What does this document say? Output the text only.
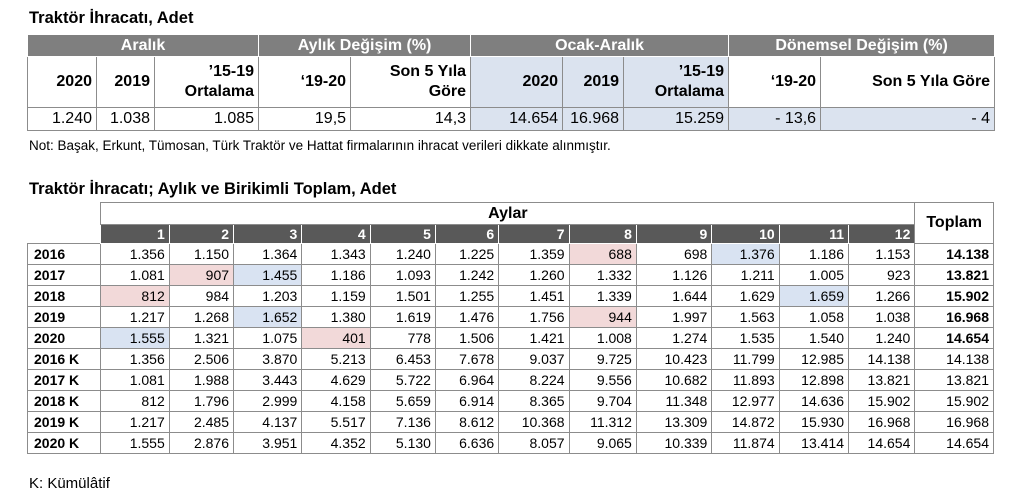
Traktör İhracatı, Adet
Aralık			Aylık Değişim (%)		Ocak-Aralık			Dönemsel Değişim (%)	
2020	2019	’15-19 Ortalama	‘19-20	Son 5 Yıla Göre	2020	2019	’15-19 Ortalama	‘19-20	Son 5 Yıla Göre
1.240	1.038	1.085	19,5	14,3	14.654	16.968	15.259	- 13,6	- 4
Not: Başak, Erkunt, Tümosan, Türk Traktör ve Hattat firmalarının ihracat verileri dikkate alınmıştır.
Traktör İhracatı; Aylık ve Birikimli Toplam, Adet
	Aylar												Toplam
	1	2	3	4	5	6	7	8	9	10	11	12	
2016	1.356	1.150	1.364	1.343	1.240	1.225	1.359	688	698	1.376	1.186	1.153	14.138
2017	1.081	907	1.455	1.186	1.093	1.242	1.260	1.332	1.126	1.211	1.005	923	13.821
2018	812	984	1.203	1.159	1.501	1.255	1.451	1.339	1.644	1.629	1.659	1.266	15.902
2019	1.217	1.268	1.652	1.380	1.619	1.476	1.756	944	1.997	1.563	1.058	1.038	16.968
2020	1.555	1.321	1.075	401	778	1.506	1.421	1.008	1.274	1.535	1.540	1.240	14.654
2016 K	1.356	2.506	3.870	5.213	6.453	7.678	9.037	9.725	10.423	11.799	12.985	14.138	14.138
2017 K	1.081	1.988	3.443	4.629	5.722	6.964	8.224	9.556	10.682	11.893	12.898	13.821	13.821
2018 K	812	1.796	2.999	4.158	5.659	6.914	8.365	9.704	11.348	12.977	14.636	15.902	15.902
2019 K	1.217	2.485	4.137	5.517	7.136	8.612	10.368	11.312	13.309	14.872	15.930	16.968	16.968
2020 K	1.555	2.876	3.951	4.352	5.130	6.636	8.057	9.065	10.339	11.874	13.414	14.654	14.654
K: Kümülâtif
